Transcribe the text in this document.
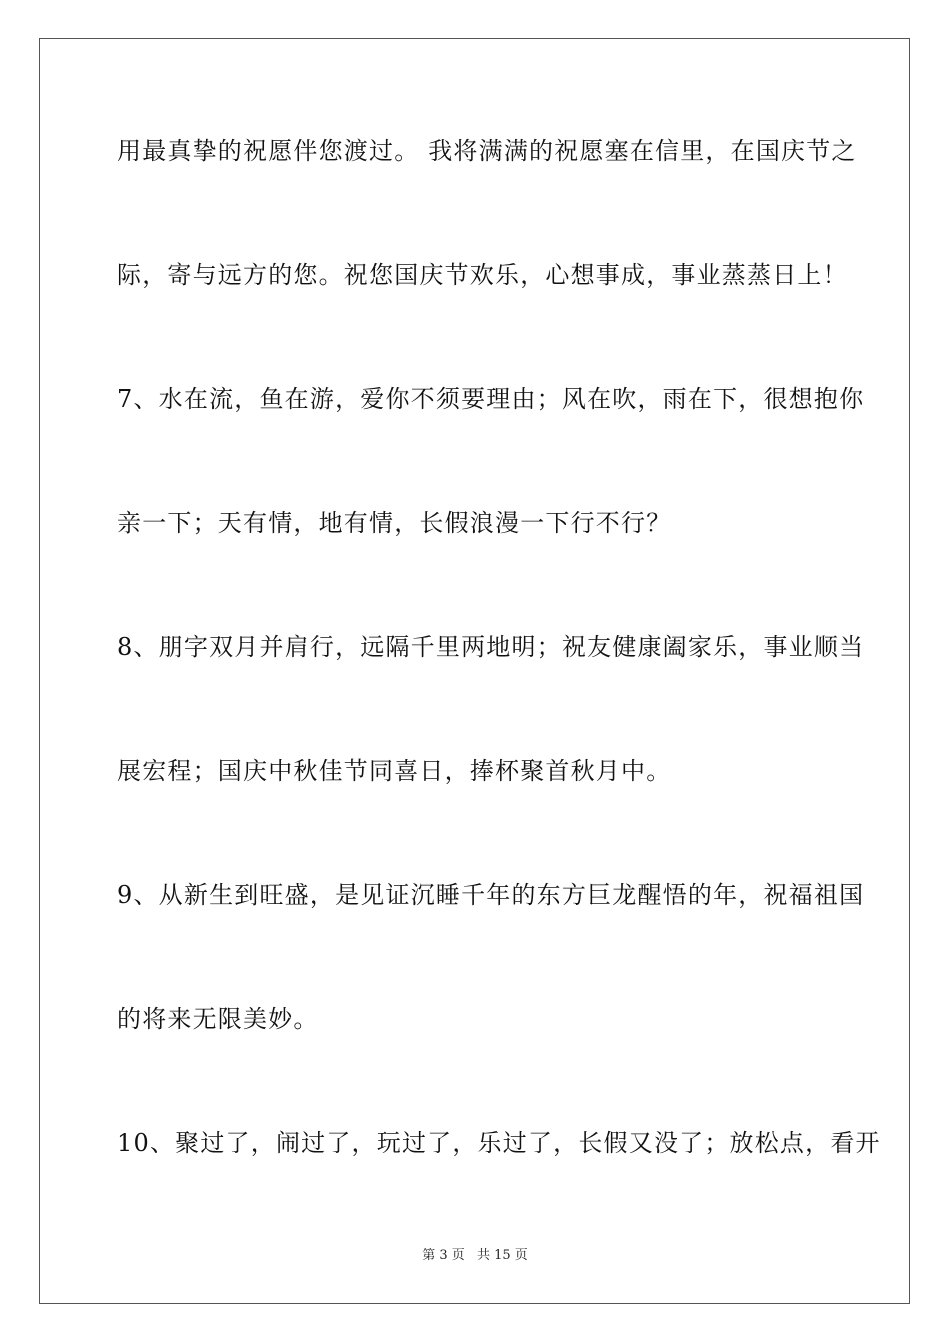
用最真挚的祝愿伴您渡过。 我将满满的祝愿塞在信里，在国庆节之
际，寄与远方的您。祝您国庆节欢乐，心想事成，事业蒸蒸日上！
7、水在流，鱼在游，爱你不须要理由；风在吹，雨在下，很想抱你
亲一下；天有情，地有情，长假浪漫一下行不行？
8、朋字双月并肩行，远隔千里两地明；祝友健康阖家乐，事业顺当
展宏程；国庆中秋佳节同喜日，捧杯聚首秋月中。
9、从新生到旺盛，是见证沉睡千年的东方巨龙醒悟的年，祝福祖国
的将来无限美妙。
10、聚过了，闹过了，玩过了，乐过了，长假又没了；放松点，看开
第 3 页 共 15 页
